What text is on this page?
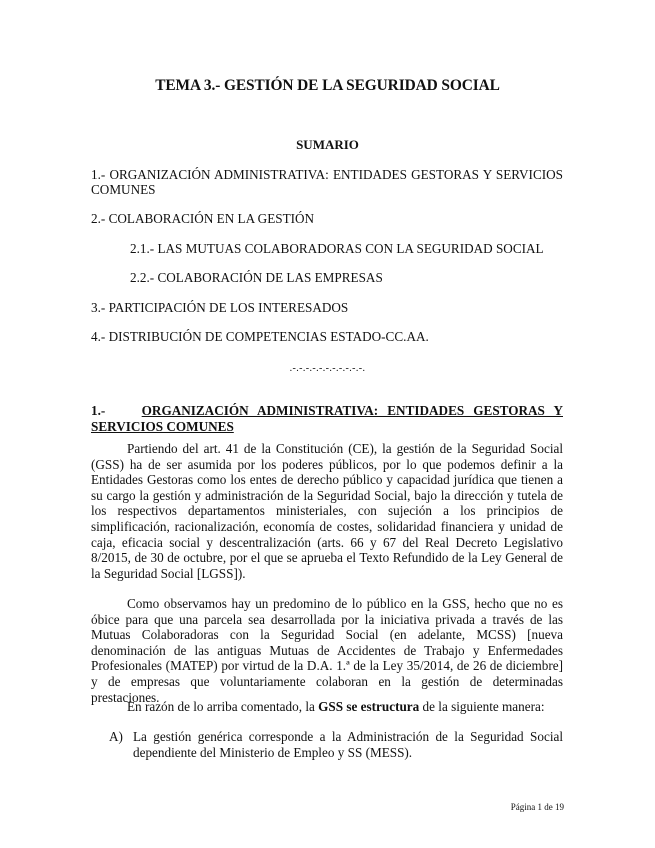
TEMA 3.- GESTIÓN DE LA SEGURIDAD SOCIAL
SUMARIO
1.- ORGANIZACIÓN ADMINISTRATIVA: ENTIDADES GESTORAS Y SERVICIOS
COMUNES
2.- COLABORACIÓN EN LA GESTIÓN
2.1.- LAS MUTUAS COLABORADORAS CON LA SEGURIDAD SOCIAL
2.2.- COLABORACIÓN DE LAS EMPRESAS
3.- PARTICIPACIÓN DE LOS INTERESADOS
4.- DISTRIBUCIÓN DE COMPETENCIAS ESTADO-CC.AA.
.-.-.-.-.-.-.-.-.-.-.-.
1.-	ORGANIZACIÓN ADMINISTRATIVA: ENTIDADES GESTORAS Y
SERVICIOS COMUNES
Partiendo del art. 41 de la Constitución (CE), la gestión de la Seguridad Social (GSS) ha de ser asumida por los poderes públicos, por lo que podemos definir a la Entidades Gestoras como los entes de derecho público y capacidad jurídica que tienen a su cargo la gestión y administración de la Seguridad Social, bajo la dirección y tutela de los respectivos departamentos ministeriales, con sujeción a los principios de simplificación, racionalización, economía de costes, solidaridad financiera y unidad de caja, eficacia social y descentralización (arts. 66 y 67 del Real Decreto Legislativo 8/2015, de 30 de octubre, por el que se aprueba el Texto Refundido de la Ley General de la Seguridad Social [LGSS]).
Como observamos hay un predomino de lo público en la GSS, hecho que no es óbice para que una parcela sea desarrollada por la iniciativa privada a través de las Mutuas Colaboradoras con la Seguridad Social (en adelante, MCSS) [nueva denominación de las antiguas Mutuas de Accidentes de Trabajo y Enfermedades Profesionales (MATEP) por virtud de la D.A. 1.ª de la Ley 35/2014, de 26 de diciembre] y de empresas que voluntariamente colaboran en la gestión de determinadas prestaciones.
En razón de lo arriba comentado, la GSS se estructura de la siguiente manera:
A) La gestión genérica corresponde a la Administración de la Seguridad Social dependiente del Ministerio de Empleo y SS (MESS).
Página 1 de 19
